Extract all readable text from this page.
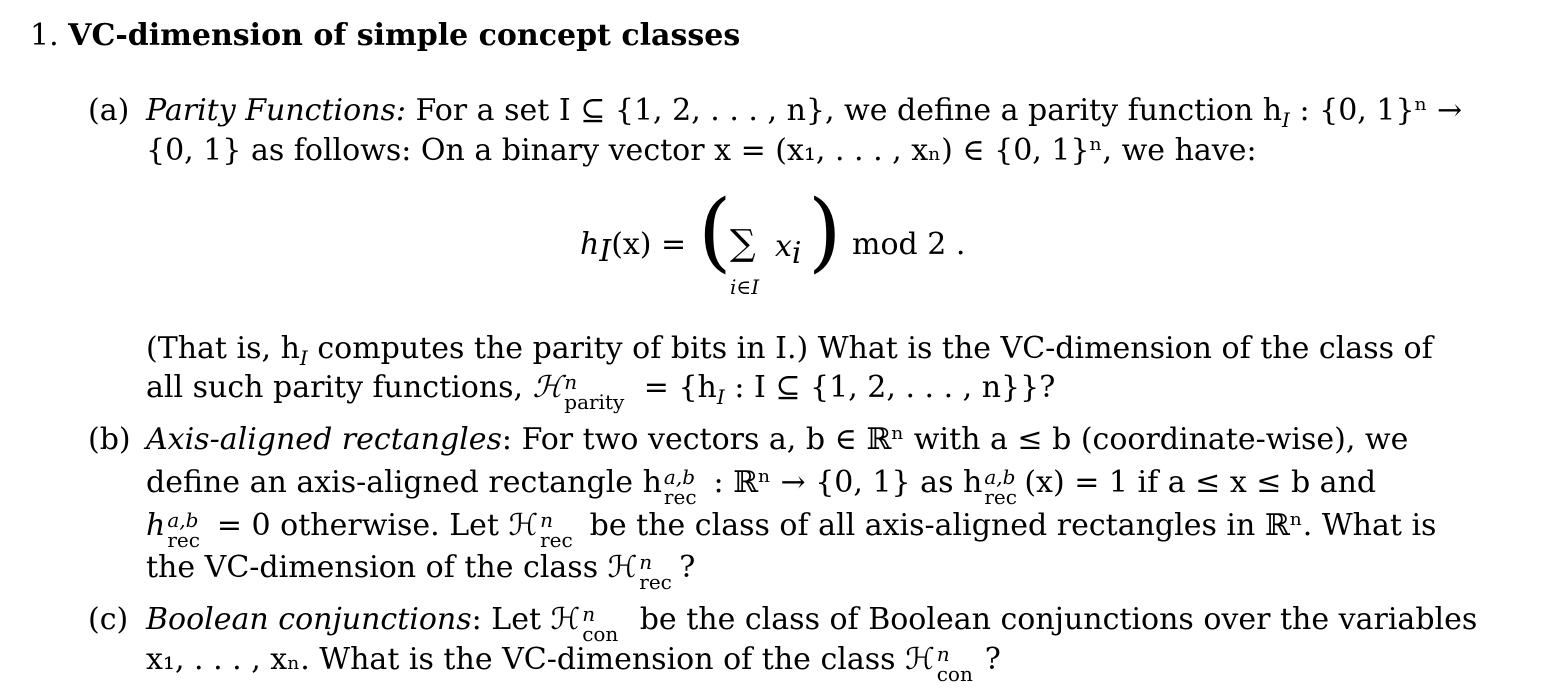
1. VC-dimension of simple concept classes
(a) Parity Functions: For a set I ⊆ {1, 2, . . . , n}, we define a parity function $h_I$ : {0, 1}ⁿ →
{0, 1} as follows: On a binary vector x = (x₁, . . . , xₙ) ∈ {0, 1}ⁿ, we have:
hI(x) = (
∑
i∈I
xi ) mod 2 .
(That is, $h_I$ computes the parity of bits in I.) What is the VC-dimension of the class of
all such parity functions, ℋ n
parity = {$h_I$ : I ⊆ {1, 2, . . . , n}}?
(b) Axis-aligned rectangles: For two vectors a, b ∈ ℝⁿ with a ≤ b (coordinate-wise), we
define an axis-aligned rectangle h a,b
rec : ℝⁿ → {0, 1} as h a,b
rec (x) = 1 if a ≤ x ≤ b and
h a,b
rec = 0 otherwise. Let ℋ n
rec be the class of all axis-aligned rectangles in ℝⁿ. What is
the VC-dimension of the class ℋ n
rec ?
(c) Boolean conjunctions: Let ℋ n
con be the class of Boolean conjunctions over the variables
x₁, . . . , xₙ. What is the VC-dimension of the class ℋ n
con ?
